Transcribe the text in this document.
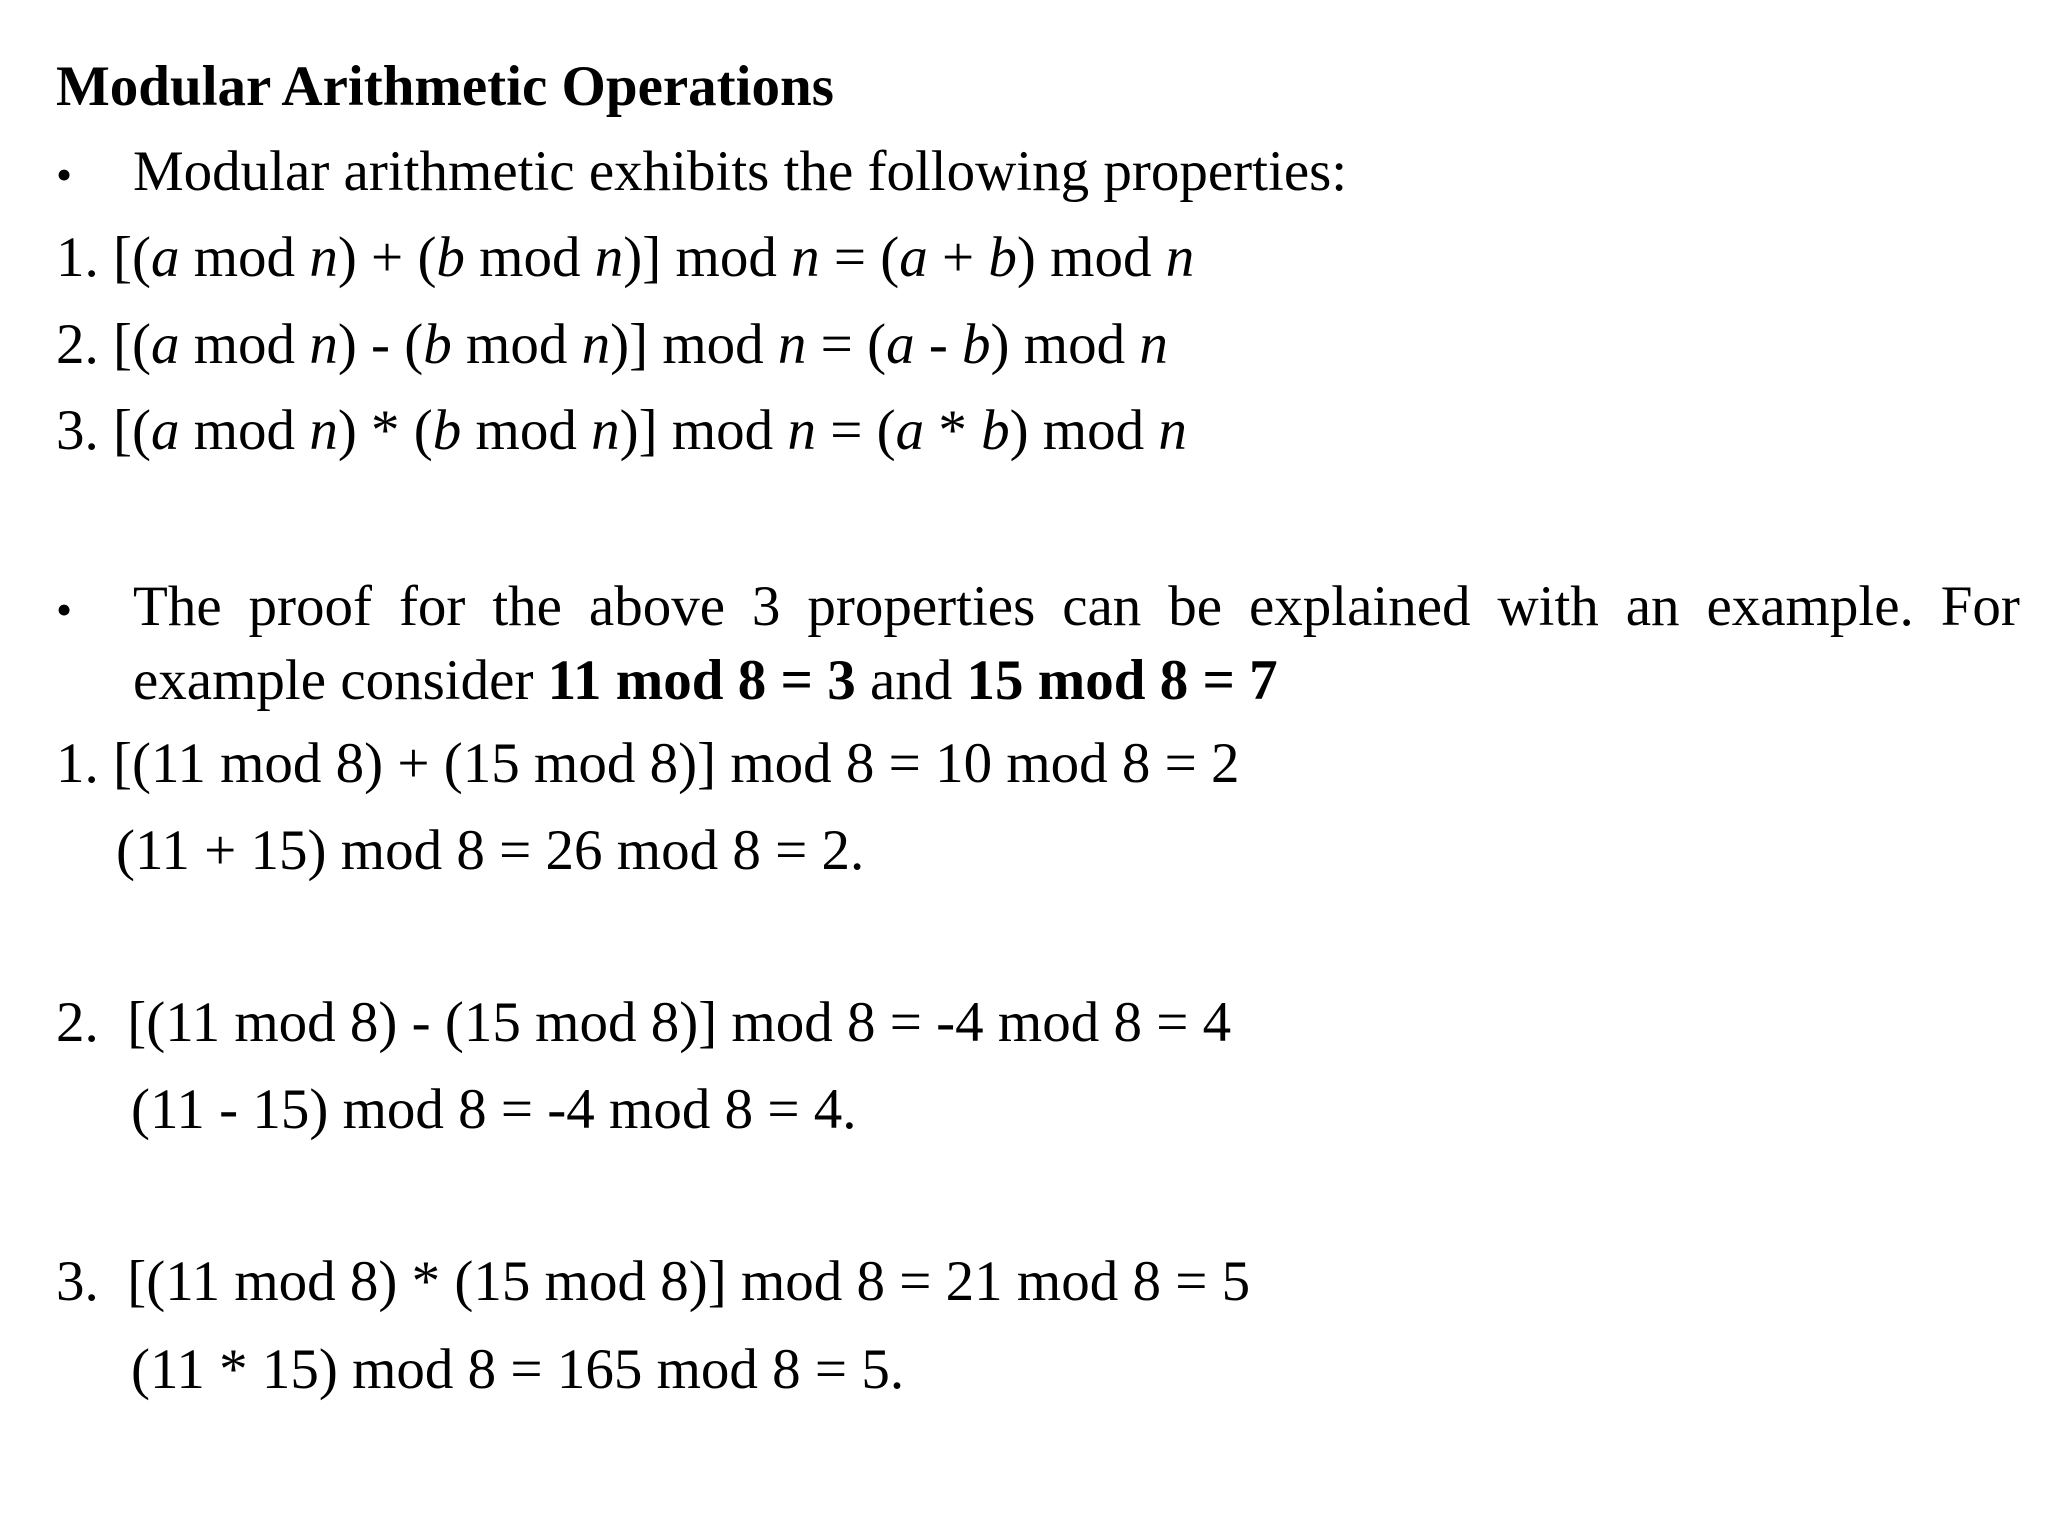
Modular Arithmetic Operations
• Modular arithmetic exhibits the following properties:
1. [(a mod n) + (b mod n)] mod n = (a + b) mod n
2. [(a mod n) - (b mod n)] mod n = (a - b) mod n
3. [(a mod n) * (b mod n)] mod n = (a * b) mod n
• The proof for the above 3 properties can be explained with an example. For
example consider 11 mod 8 = 3 and 15 mod 8 = 7
1. [(11 mod 8) + (15 mod 8)] mod 8 = 10 mod 8 = 2
(11 + 15) mod 8 = 26 mod 8 = 2.
2. [(11 mod 8) - (15 mod 8)] mod 8 = -4 mod 8 = 4
(11 - 15) mod 8 = -4 mod 8 = 4.
3. [(11 mod 8) * (15 mod 8)] mod 8 = 21 mod 8 = 5
(11 * 15) mod 8 = 165 mod 8 = 5.
